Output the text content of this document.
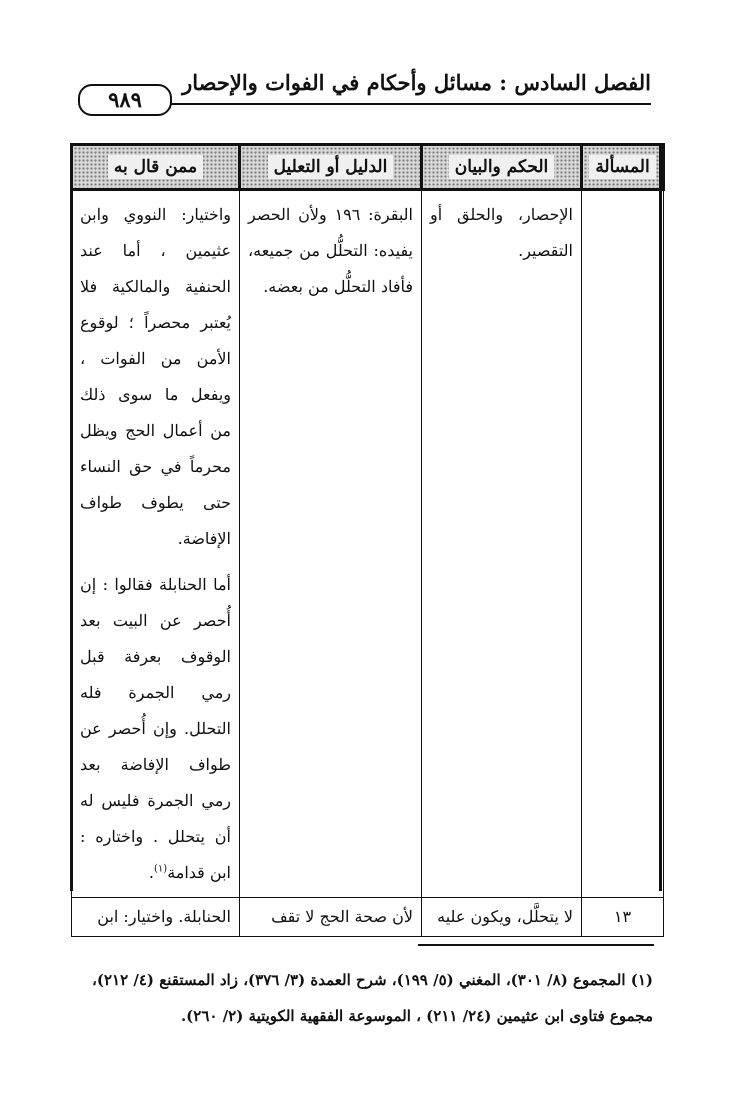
الفصل السادس : مسائل وأحكام في الفوات والإحصار
٩٨٩
المسألة	الحكم والبيان	الدليل أو التعليل	ممن قال به
	الإحصار، والحلق أو التقصير.	البقرة: ١٩٦ ولأن الحصر يفيده: التحلُّل من جميعه، فأفاد التحلُّل من بعضه.	واختيار: النووي وابن عثيمين ، أما عند الحنفية والمالكية فلا يُعتبر محصراً ؛ لوقوع الأمن من الفوات ، ويفعل ما سوى ذلك من أعمال الحج ويظل محرماً في حق النساء حتى يطوف طواف الإفاضة.
أما الحنابلة فقالوا : إن أُحصر عن البيت بعد الوقوف بعرفة قبل رمي الجمرة فله التحلل. وإن أُحصر عن طواف الإفاضة بعد رمي الجمرة فليس له أن يتحلل . واختاره : ابن قدامة$^{(١)}$.

١٣	لا يتحلَّل، ويكون عليه	لأن صحة الحج لا تقف	الحنابلة. واختيار: ابن
(١) المجموع (٨/ ٣٠١)، المغني (٥/ ١٩٩)، شرح العمدة (٣/ ٣٧٦)، زاد المستقنع (٤/ ٢١٢)،
مجموع فتاوى ابن عثيمين (٢٤/ ٢١١) ، الموسوعة الفقهية الكويتية (٢/ ٢٦٠).
